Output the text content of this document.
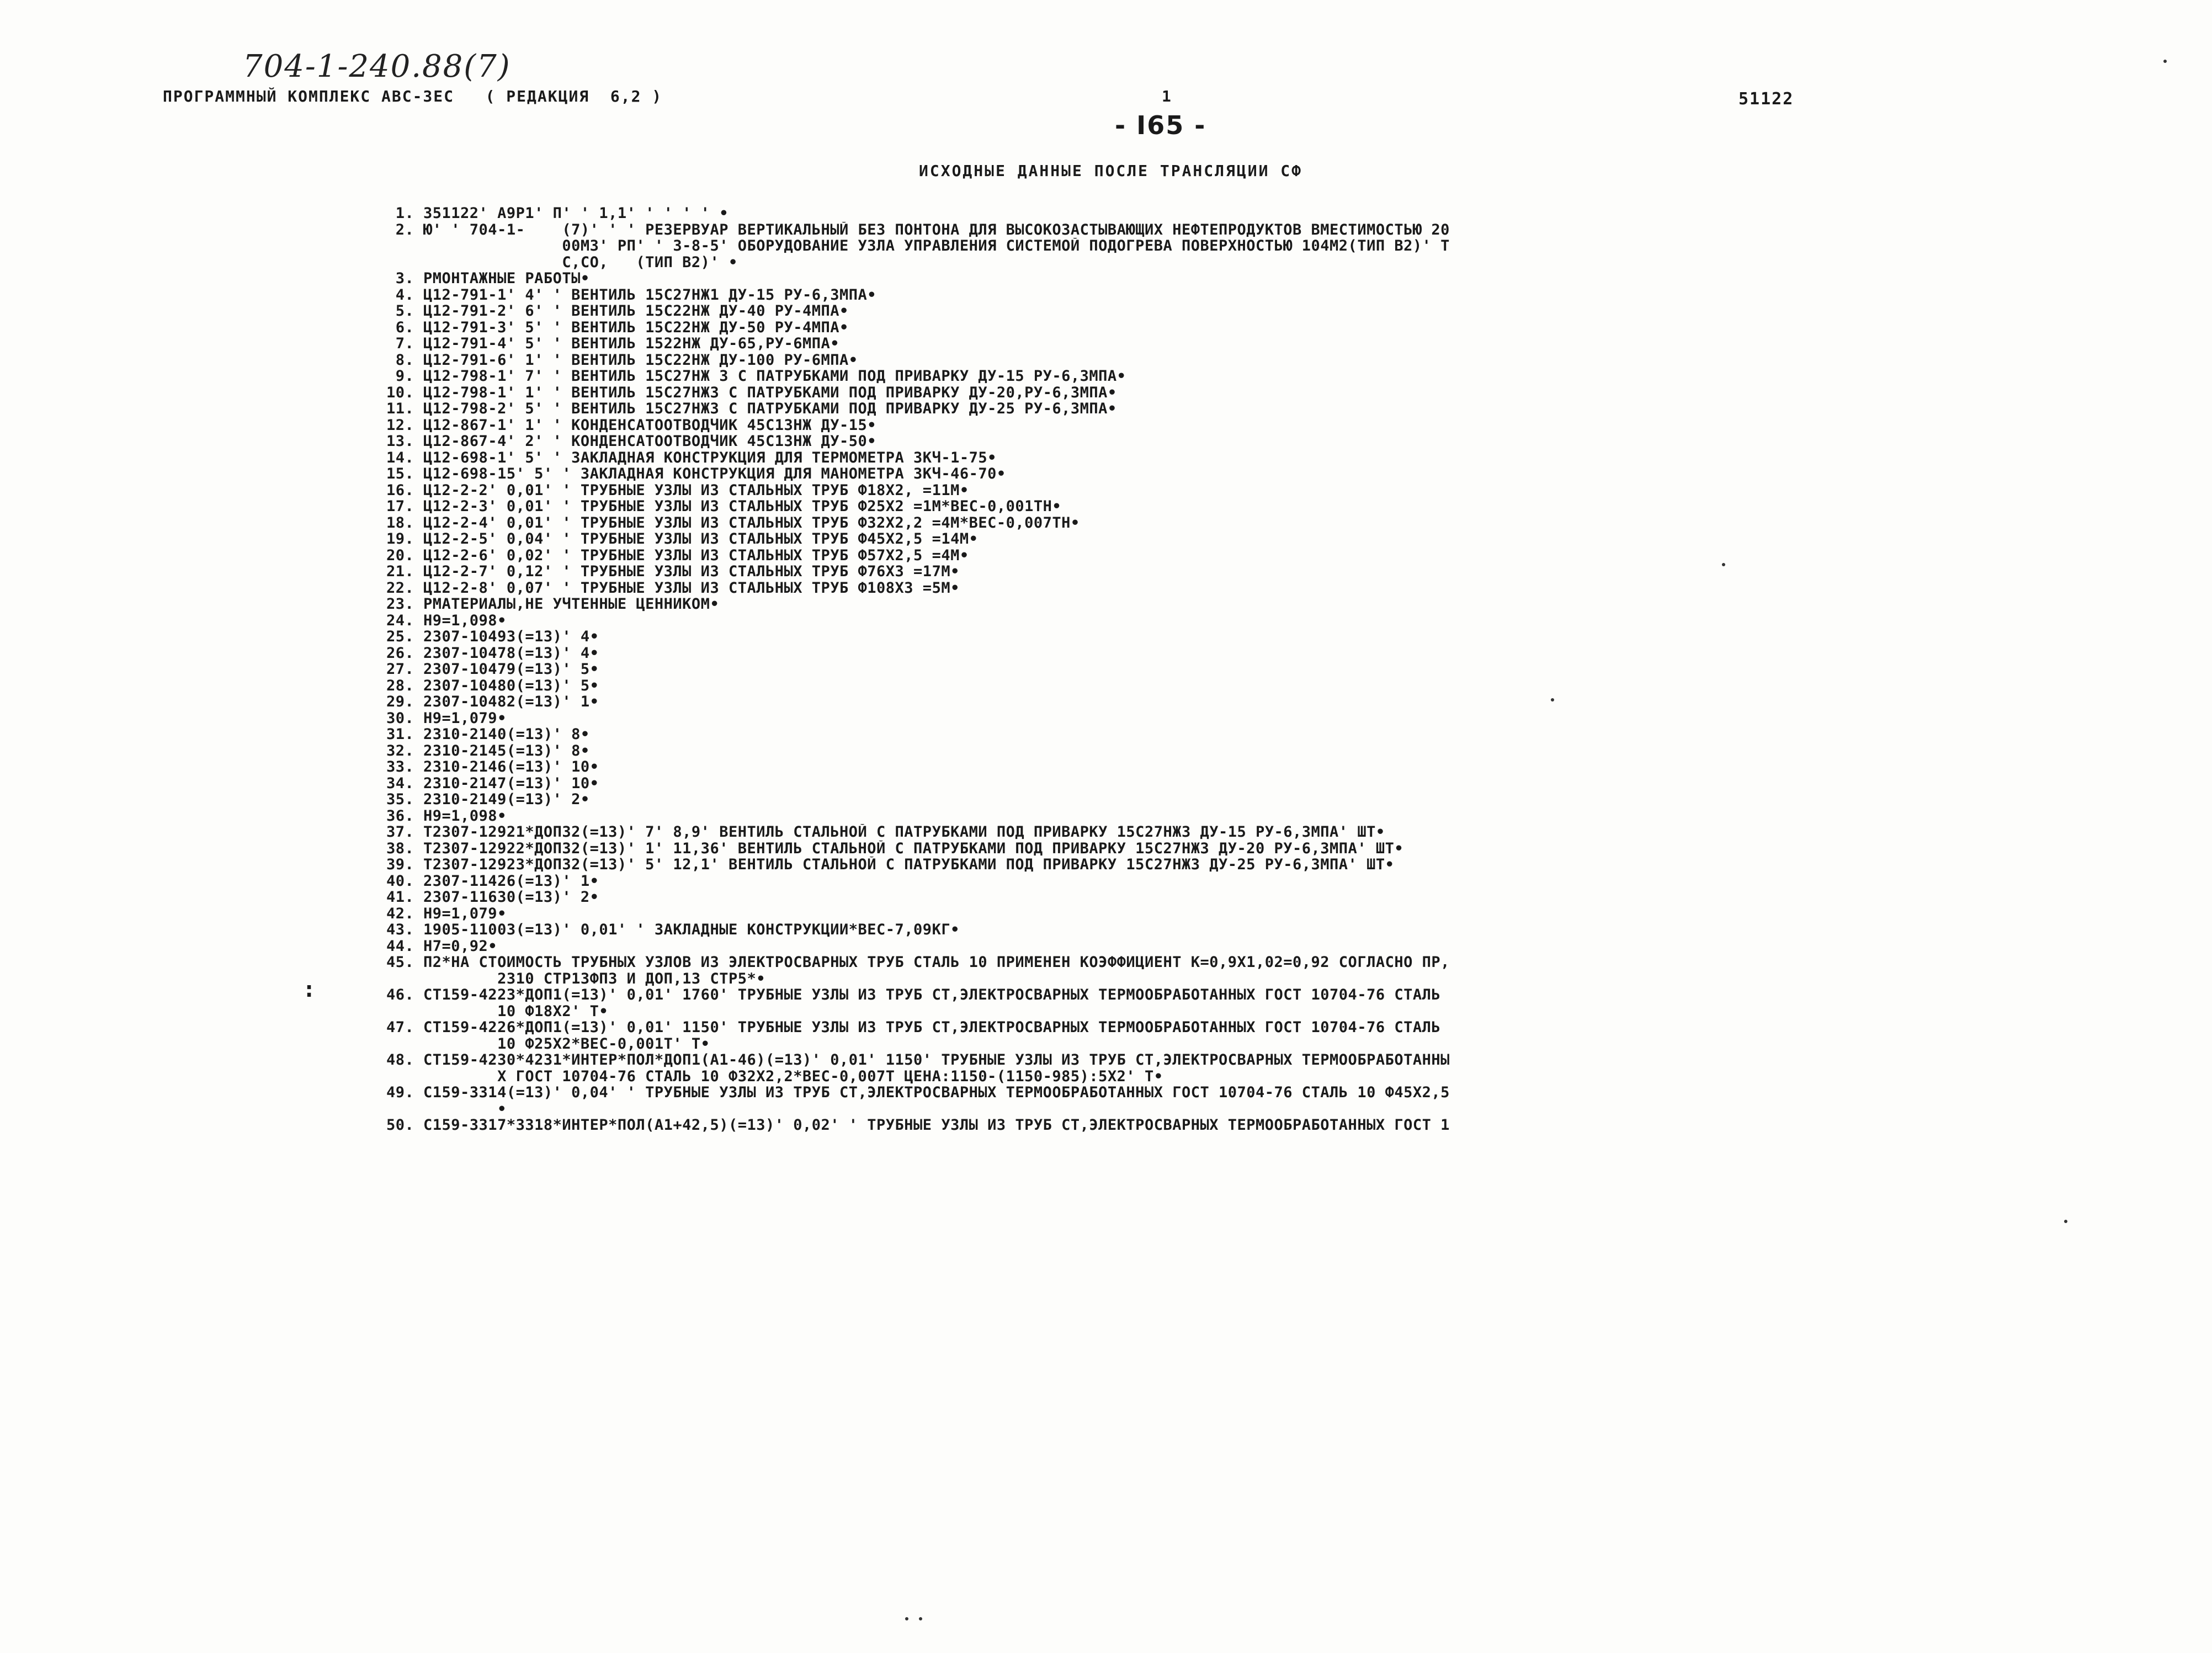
704-1-240.88(7)
ПРОГРАММНЫЙ КОМПЛЕКС АВС-ЗЕС   ( РЕДАКЦИЯ  6,2 )	1
- I65 -
51122
ИСХОДНЫЕ ДАННЫЕ ПОСЛЕ ТРАНСЛЯЦИИ СФ
1. 351122' А9Р1' П' ' 1,1' ' ' ' ' •
2. Ю' ' 704-1-    (7)' ' ' РЕЗЕРВУАР ВЕРТИКАЛЬНЫЙ БЕЗ ПОНТОНА ДЛЯ ВЫСОКОЗАСТЫВАЮЩИХ НЕФТЕПРОДУКТОВ ВМЕСТИМОСТЬЮ 20
00М3' РП' ' 3-8-5' ОБОРУДОВАНИЕ УЗЛА УПРАВЛЕНИЯ СИСТЕМОЙ ПОДОГРЕВА ПОВЕРХНОСТЬЮ 104М2(ТИП В2)' Т
С,СО,   (ТИП В2)' •
3. РМОНТАЖНЫЕ РАБОТЫ•
4. Ц12-791-1' 4' ' ВЕНТИЛЬ 15С27НЖ1 ДУ-15 РУ-6,3МПА•
5. Ц12-791-2' 6' ' ВЕНТИЛЬ 15С22НЖ ДУ-40 РУ-4МПА•
6. Ц12-791-3' 5' ' ВЕНТИЛЬ 15С22НЖ ДУ-50 РУ-4МПА•
7. Ц12-791-4' 5' ' ВЕНТИЛЬ 1522НЖ ДУ-65,РУ-6МПА•
8. Ц12-791-6' 1' ' ВЕНТИЛЬ 15С22НЖ ДУ-100 РУ-6МПА•
9. Ц12-798-1' 7' ' ВЕНТИЛЬ 15С27НЖ 3 С ПАТРУБКАМИ ПОД ПРИВАРКУ ДУ-15 РУ-6,3МПА•
10. Ц12-798-1' 1' ' ВЕНТИЛЬ 15С27НЖ3 С ПАТРУБКАМИ ПОД ПРИВАРКУ ДУ-20,РУ-6,3МПА•
11. Ц12-798-2' 5' ' ВЕНТИЛЬ 15С27НЖ3 С ПАТРУБКАМИ ПОД ПРИВАРКУ ДУ-25 РУ-6,3МПА•
12. Ц12-867-1' 1' ' КОНДЕНСАТООТВОДЧИК 45С13НЖ ДУ-15•
13. Ц12-867-4' 2' ' КОНДЕНСАТООТВОДЧИК 45С13НЖ ДУ-50•
14. Ц12-698-1' 5' ' ЗАКЛАДНАЯ КОНСТРУКЦИЯ ДЛЯ ТЕРМОМЕТРА ЗКЧ-1-75•
15. Ц12-698-15' 5' ' ЗАКЛАДНАЯ КОНСТРУКЦИЯ ДЛЯ МАНОМЕТРА ЗКЧ-46-70•
16. Ц12-2-2' 0,01' ' ТРУБНЫЕ УЗЛЫ ИЗ СТАЛЬНЫХ ТРУБ Ф18Х2, =11М•
17. Ц12-2-3' 0,01' ' ТРУБНЫЕ УЗЛЫ ИЗ СТАЛЬНЫХ ТРУБ Ф25Х2 =1М*ВЕС-0,001ТН•
18. Ц12-2-4' 0,01' ' ТРУБНЫЕ УЗЛЫ ИЗ СТАЛЬНЫХ ТРУБ Ф32Х2,2 =4М*ВЕС-0,007ТН•
19. Ц12-2-5' 0,04' ' ТРУБНЫЕ УЗЛЫ ИЗ СТАЛЬНЫХ ТРУБ Ф45Х2,5 =14М•
20. Ц12-2-6' 0,02' ' ТРУБНЫЕ УЗЛЫ ИЗ СТАЛЬНЫХ ТРУБ Ф57Х2,5 =4М•
21. Ц12-2-7' 0,12' ' ТРУБНЫЕ УЗЛЫ ИЗ СТАЛЬНЫХ ТРУБ Ф76Х3 =17М•
22. Ц12-2-8' 0,07' ' ТРУБНЫЕ УЗЛЫ ИЗ СТАЛЬНЫХ ТРУБ Ф108Х3 =5М•
23. РМАТЕРИАЛЫ,НЕ УЧТЕННЫЕ ЦЕННИКОМ•
24. Н9=1,098•
25. 2307-10493(=13)' 4•
26. 2307-10478(=13)' 4•
27. 2307-10479(=13)' 5•
28. 2307-10480(=13)' 5•
29. 2307-10482(=13)' 1•
30. Н9=1,079•
31. 2310-2140(=13)' 8•
32. 2310-2145(=13)' 8•
33. 2310-2146(=13)' 10•
34. 2310-2147(=13)' 10•
35. 2310-2149(=13)' 2•
36. Н9=1,098•
37. Т2307-12921*ДОП32(=13)' 7' 8,9' ВЕНТИЛЬ СТАЛЬНОЙ С ПАТРУБКАМИ ПОД ПРИВАРКУ 15С27НЖ3 ДУ-15 РУ-6,3МПА' ШТ•
38. Т2307-12922*ДОП32(=13)' 1' 11,36' ВЕНТИЛЬ СТАЛЬНОЙ С ПАТРУБКАМИ ПОД ПРИВАРКУ 15С27НЖ3 ДУ-20 РУ-6,3МПА' ШТ•
39. Т2307-12923*ДОП32(=13)' 5' 12,1' ВЕНТИЛЬ СТАЛЬНОЙ С ПАТРУБКАМИ ПОД ПРИВАРКУ 15С27НЖ3 ДУ-25 РУ-6,3МПА' ШТ•
40. 2307-11426(=13)' 1•
41. 2307-11630(=13)' 2•
42. Н9=1,079•
43. 1905-11003(=13)' 0,01' ' ЗАКЛАДНЫЕ КОНСТРУКЦИИ*ВЕС-7,09КГ•
44. Н7=0,92•
45. П2*НА СТОИМОСТЬ ТРУБНЫХ УЗЛОВ ИЗ ЭЛЕКТРОСВАРНЫХ ТРУБ СТАЛЬ 10 ПРИМЕНЕН КОЭФФИЦИЕНТ К=0,9Х1,02=0,92 СОГЛАСНО ПР,
2310 СТР13ФП3 И ДОП,13 СТР5*•
46. СТ159-4223*ДОП1(=13)' 0,01' 1760' ТРУБНЫЕ УЗЛЫ ИЗ ТРУБ СТ,ЭЛЕКТРОСВАРНЫХ ТЕРМООБРАБОТАННЫХ ГОСТ 10704-76 СТАЛЬ
10 Ф18Х2' Т•
47. СТ159-4226*ДОП1(=13)' 0,01' 1150' ТРУБНЫЕ УЗЛЫ ИЗ ТРУБ СТ,ЭЛЕКТРОСВАРНЫХ ТЕРМООБРАБОТАННЫХ ГОСТ 10704-76 СТАЛЬ
10 Ф25Х2*ВЕС-0,001Т' Т•
48. СТ159-4230*4231*ИНТЕР*ПОЛ*ДОП1(А1-46)(=13)' 0,01' 1150' ТРУБНЫЕ УЗЛЫ ИЗ ТРУБ СТ,ЭЛЕКТРОСВАРНЫХ ТЕРМООБРАБОТАННЫ
Х ГОСТ 10704-76 СТАЛЬ 10 Ф32Х2,2*ВЕС-0,007Т ЦЕНА:1150-(1150-985):5Х2' Т•
49. С159-3314(=13)' 0,04' ' ТРУБНЫЕ УЗЛЫ ИЗ ТРУБ СТ,ЭЛЕКТРОСВАРНЫХ ТЕРМООБРАБОТАННЫХ ГОСТ 10704-76 СТАЛЬ 10 Ф45Х2,5
•
50. С159-3317*3318*ИНТЕР*ПОЛ(А1+42,5)(=13)' 0,02' ' ТРУБНЫЕ УЗЛЫ ИЗ ТРУБ СТ,ЭЛЕКТРОСВАРНЫХ ТЕРМООБРАБОТАННЫХ ГОСТ 1
:
